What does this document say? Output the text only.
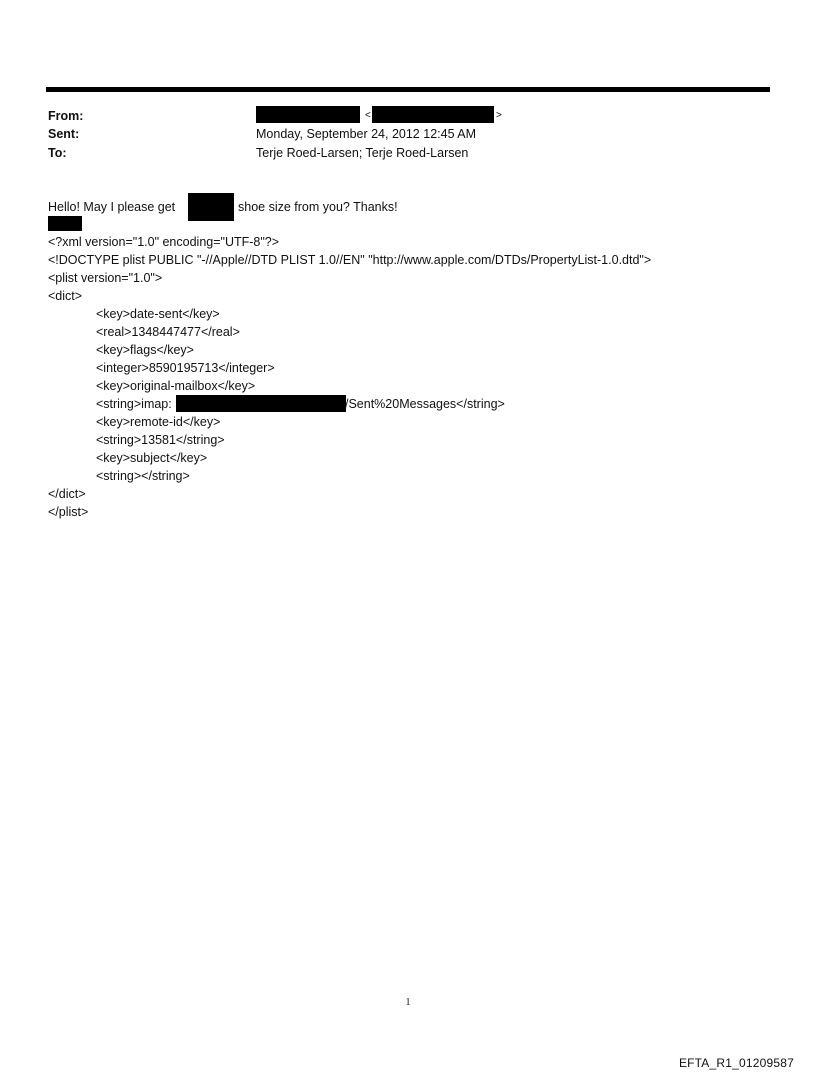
From:	<	>
Sent:	Monday, September 24, 2012 12:45 AM
To:	Terje Roed-Larsen; Terje Roed-Larsen
Hello! May I please get	shoe size from you? Thanks!
<?xml version="1.0" encoding="UTF-8"?>
<!DOCTYPE plist PUBLIC "-//Apple//DTD PLIST 1.0//EN" "http://www.apple.com/DTDs/PropertyList-1.0.dtd">
<plist version="1.0">
<dict>
<key>date-sent</key>
<real>1348447477</real>
<key>flags</key>
<integer>8590195713</integer>
<key>original-mailbox</key>
<string>imap:	/Sent%20Messages</string>
<key>remote-id</key>
<string>13581</string>
<key>subject</key>
<string></string>
</dict>
</plist>
1
EFTA_R1_01209587
